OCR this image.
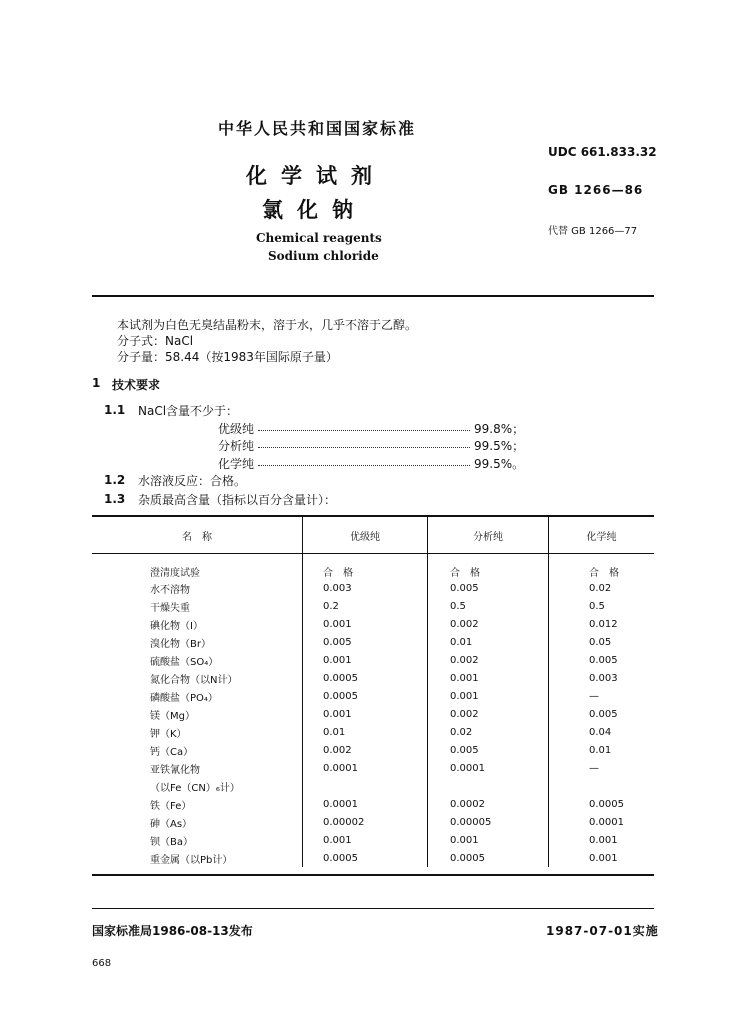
中华人民共和国国家标准
化学试剂
氯化钠
Chemical reagents
Sodium chloride
UDC 661.833.32
GB 1266—86
代替 GB 1266—77
本试剂为白色无臭结晶粉末，溶于水，几乎不溶于乙醇。
分子式：NaCl
分子量：58.44（按1983年国际原子量）
1 技术要求
1.1 NaCl含量不少于：
优级纯	99.8%；
分析纯	99.5%；
化学纯	99.5%。
1.2 水溶液反应：合格。
1.3 杂质最高含量（指标以百分含量计）：
名　称	优级纯	分析纯	化学纯
澄清度试验	合　格	合　格	合　格
水不溶物	0.003	0.005	0.02
干燥失重	0.2	0.5	0.5
碘化物（I）	0.001	0.002	0.012
溴化物（Br）	0.005	0.01	0.05
硫酸盐（SO₄）	0.001	0.002	0.005
氮化合物（以N计）	0.0005	0.001	0.003
磷酸盐（PO₄）	0.0005	0.001	—
镁（Mg）	0.001	0.002	0.005
钾（K）	0.01	0.02	0.04
钙（Ca）	0.002	0.005	0.01
亚铁氰化物	0.0001	0.0001	—
（以Fe（CN）₆计）			
铁（Fe）	0.0001	0.0002	0.0005
砷（As）	0.00002	0.00005	0.0001
钡（Ba）	0.001	0.001	0.001
重金属（以Pb计）	0.0005	0.0005	0.001
国家标准局1986-08-13发布	1987-07-01实施
668
